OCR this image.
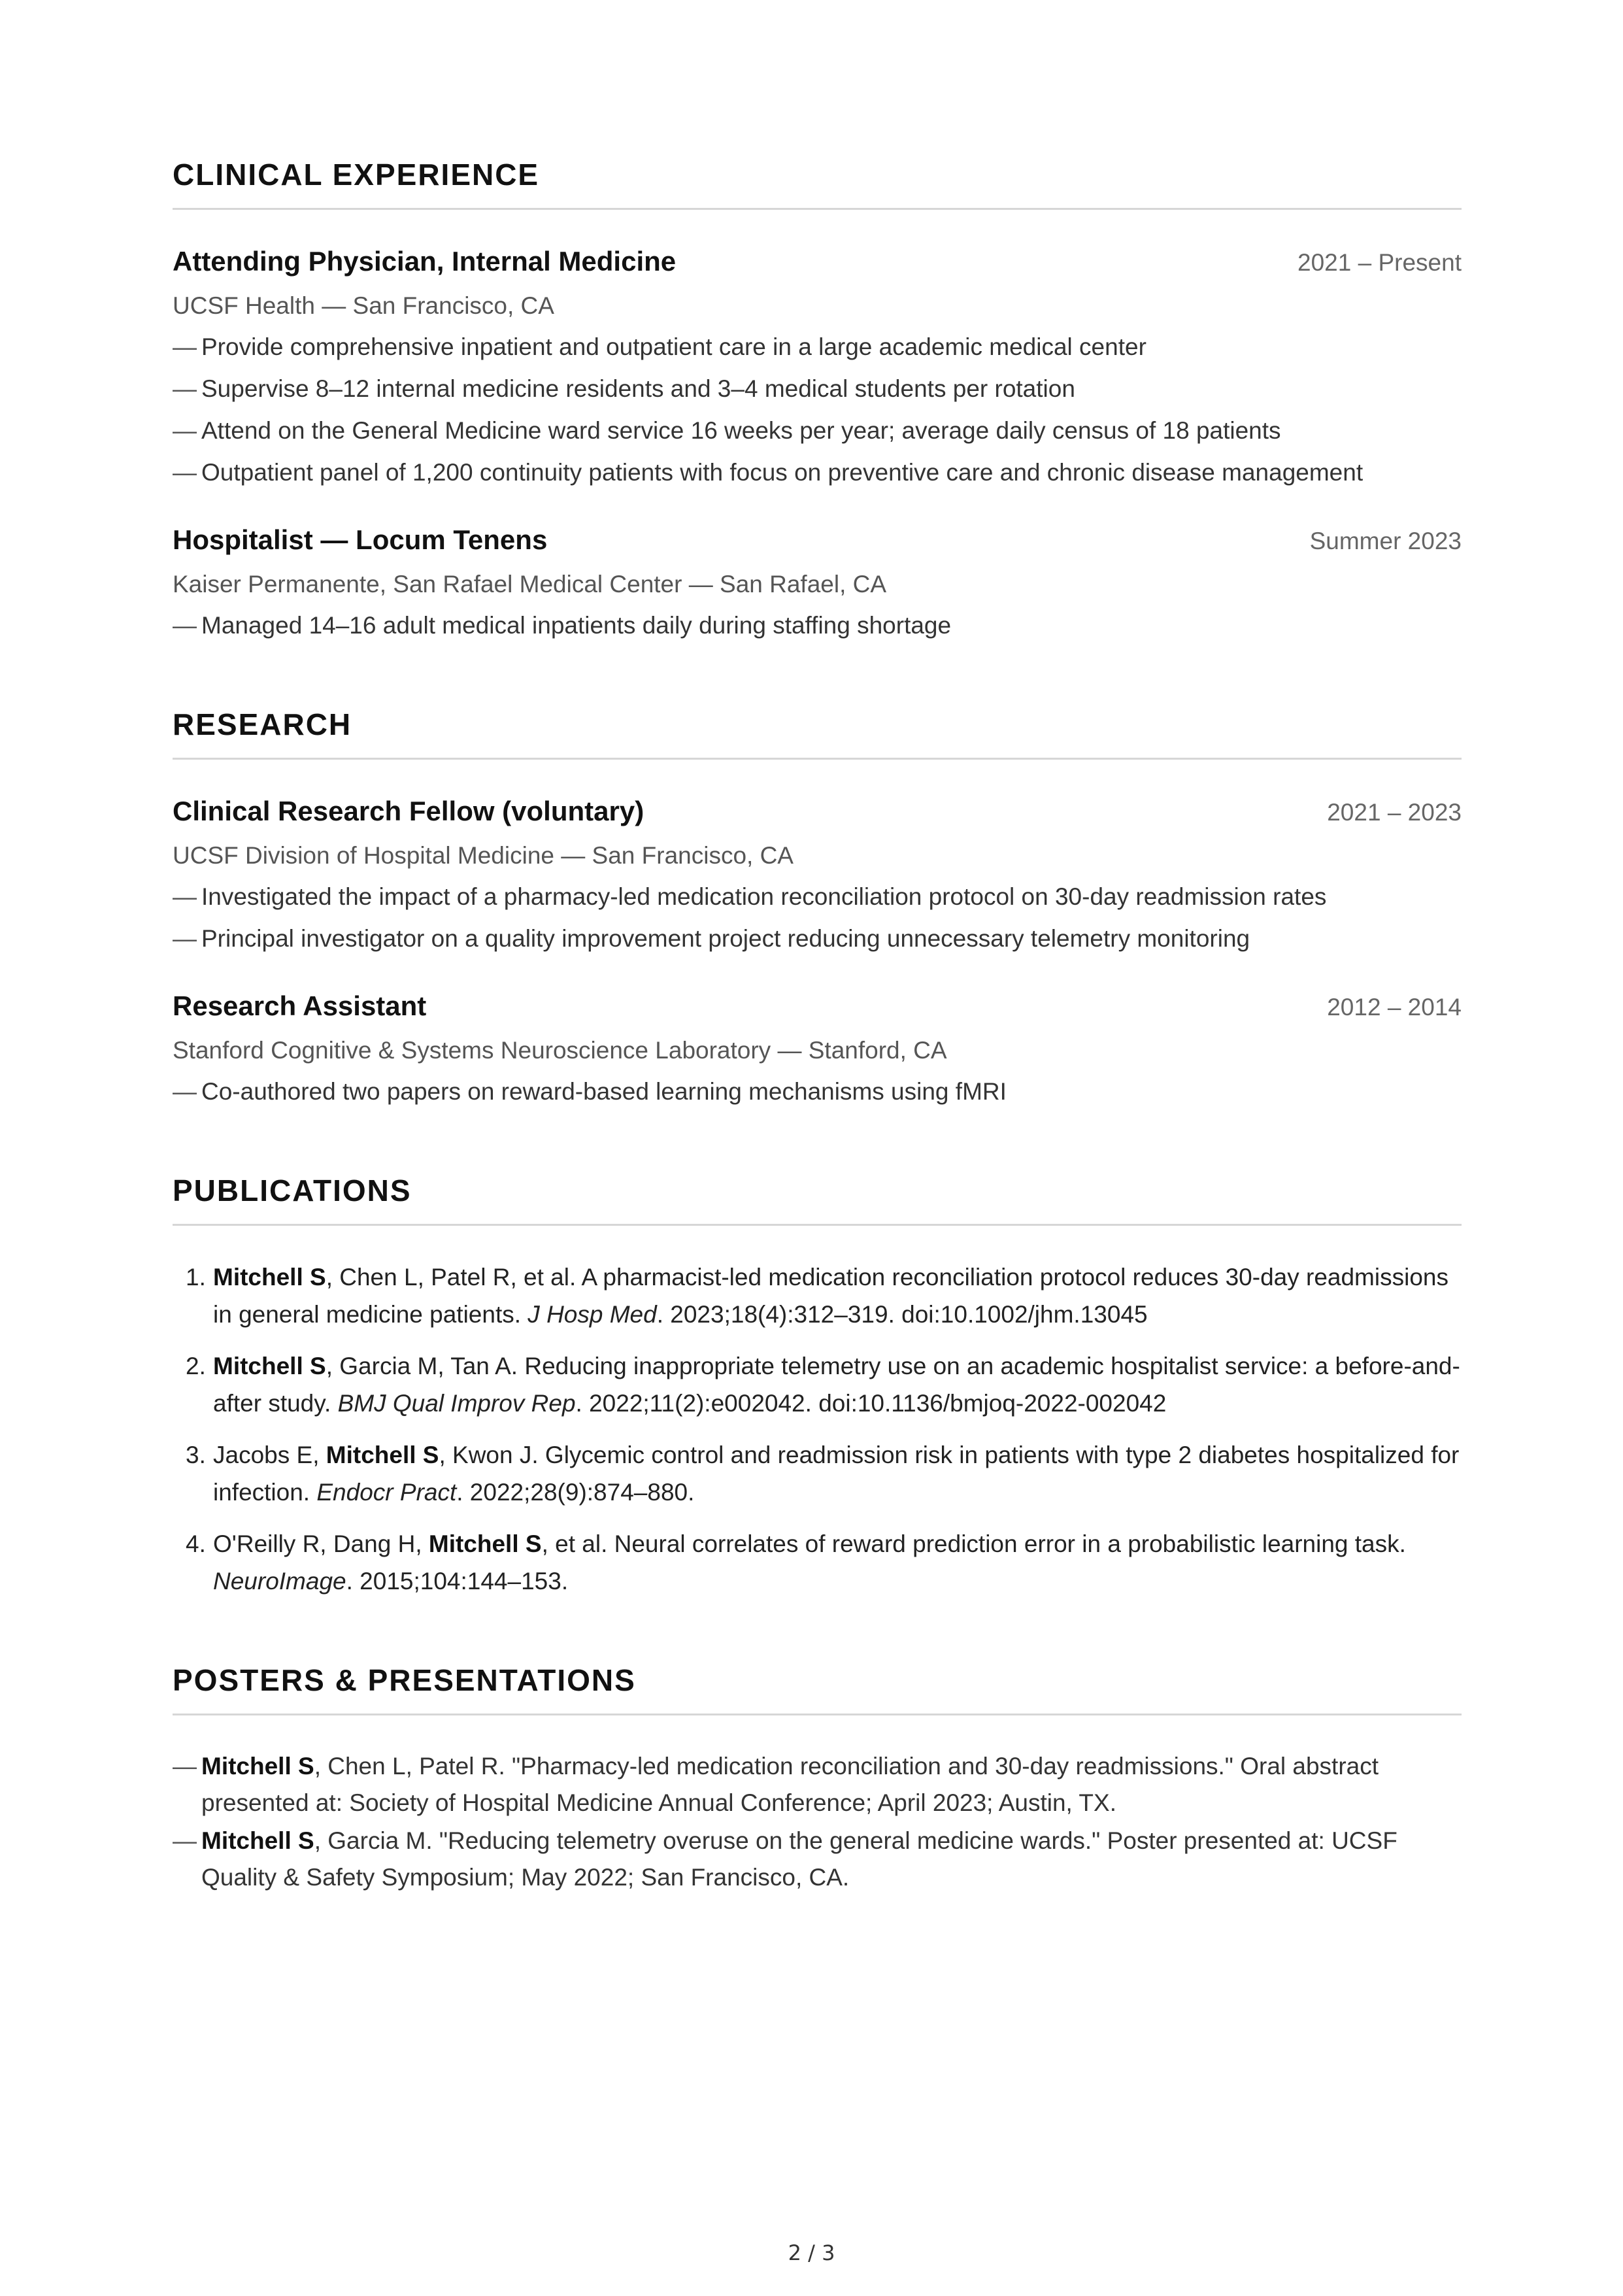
CLINICAL EXPERIENCE
Attending Physician, Internal Medicine	2021 – Present
UCSF Health — San Francisco, CA
— Provide comprehensive inpatient and outpatient care in a large academic medical center
— Supervise 8–12 internal medicine residents and 3–4 medical students per rotation
— Attend on the General Medicine ward service 16 weeks per year; average daily census of 18 patients
— Outpatient panel of 1,200 continuity patients with focus on preventive care and chronic disease management
Hospitalist — Locum Tenens	Summer 2023
Kaiser Permanente, San Rafael Medical Center — San Rafael, CA
— Managed 14–16 adult medical inpatients daily during staffing shortage
RESEARCH
Clinical Research Fellow (voluntary)	2021 – 2023
UCSF Division of Hospital Medicine — San Francisco, CA
— Investigated the impact of a pharmacy-led medication reconciliation protocol on 30-day readmission rates
— Principal investigator on a quality improvement project reducing unnecessary telemetry monitoring
Research Assistant	2012 – 2014
Stanford Cognitive & Systems Neuroscience Laboratory — Stanford, CA
— Co-authored two papers on reward-based learning mechanisms using fMRI
PUBLICATIONS
1. Mitchell S, Chen L, Patel R, et al. A pharmacist-led medication reconciliation protocol reduces 30-day readmissions in general medicine patients. J Hosp Med. 2023;18(4):312–319. doi:10.1002/jhm.13045
2. Mitchell S, Garcia M, Tan A. Reducing inappropriate telemetry use on an academic hospitalist service: a before-and-after study. BMJ Qual Improv Rep. 2022;11(2):e002042. doi:10.1136/bmjoq-2022-002042
3. Jacobs E, Mitchell S, Kwon J. Glycemic control and readmission risk in patients with type 2 diabetes hospitalized for infection. Endocr Pract. 2022;28(9):874–880.
4. O'Reilly R, Dang H, Mitchell S, et al. Neural correlates of reward prediction error in a probabilistic learning task. NeuroImage. 2015;104:144–153.
POSTERS & PRESENTATIONS
— Mitchell S, Chen L, Patel R. "Pharmacy-led medication reconciliation and 30-day readmissions." Oral abstract presented at: Society of Hospital Medicine Annual Conference; April 2023; Austin, TX.
— Mitchell S, Garcia M. "Reducing telemetry overuse on the general medicine wards." Poster presented at: UCSF Quality & Safety Symposium; May 2022; San Francisco, CA.
2 / 3
